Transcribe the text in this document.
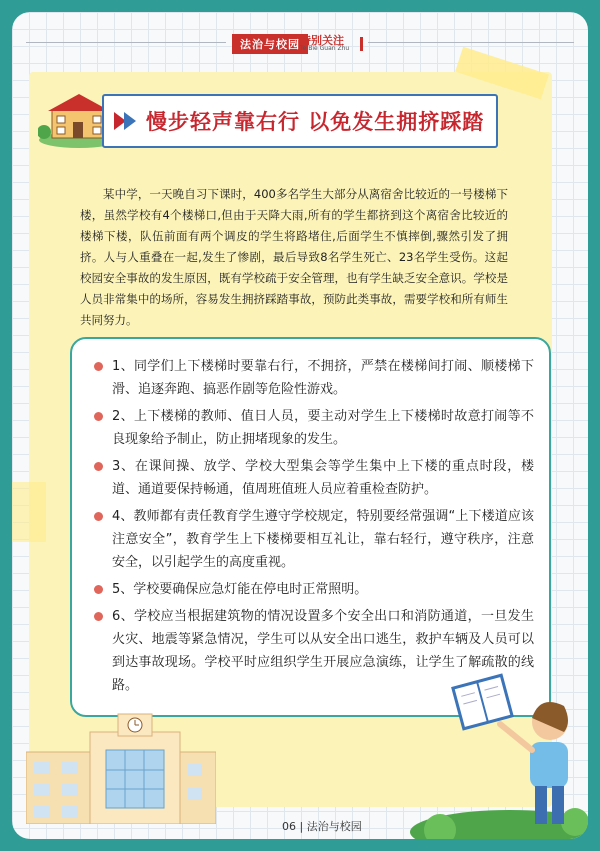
法治与校园 特别关注
Te Bie Guan Zhu
慢步轻声靠右行 以免发生拥挤踩踏

某中学，一天晚自习下课时，400多名学生大部分从离宿舍比较近的一号楼梯下楼，虽然学校有4个楼梯口,但由于天降大雨,所有的学生都挤到这个离宿舍比较近的楼梯下楼，队伍前面有两个调皮的学生将路堵住,后面学生不慎摔倒,骤然引发了拥挤。人与人重叠在一起,发生了惨剧，最后导致8名学生死亡、23名学生受伤。这起校园安全事故的发生原因，既有学校疏于安全管理，也有学生缺乏安全意识。学校是人员非常集中的场所，容易发生拥挤踩踏事故，预防此类事故，需要学校和所有师生共同努力。

1、同学们上下楼梯时要靠右行，不拥挤，严禁在楼梯间打闹、顺楼梯下滑、追逐奔跑、搞恶作剧等危险性游戏。
2、上下楼梯的教师、值日人员，要主动对学生上下楼梯时故意打闹等不良现象给予制止，防止拥堵现象的发生。
3、在课间操、放学、学校大型集会等学生集中上下楼的重点时段，楼道、通道要保持畅通，值周班值班人员应着重检查防护。
4、教师都有责任教育学生遵守学校规定，特别要经常强调“上下楼道应该注意安全”，教育学生上下楼梯要相互礼让，靠右轻行，遵守秩序，注意安全，以引起学生的高度重视。
5、学校要确保应急灯能在停电时正常照明。
6、学校应当根据建筑物的情况设置多个安全出口和消防通道，一旦发生火灾、地震等紧急情况，学生可以从安全出口逃生，救护车辆及人员可以到达事故现场。学校平时应组织学生开展应急演练，让学生了解疏散的线路。
06 | 法治与校园
